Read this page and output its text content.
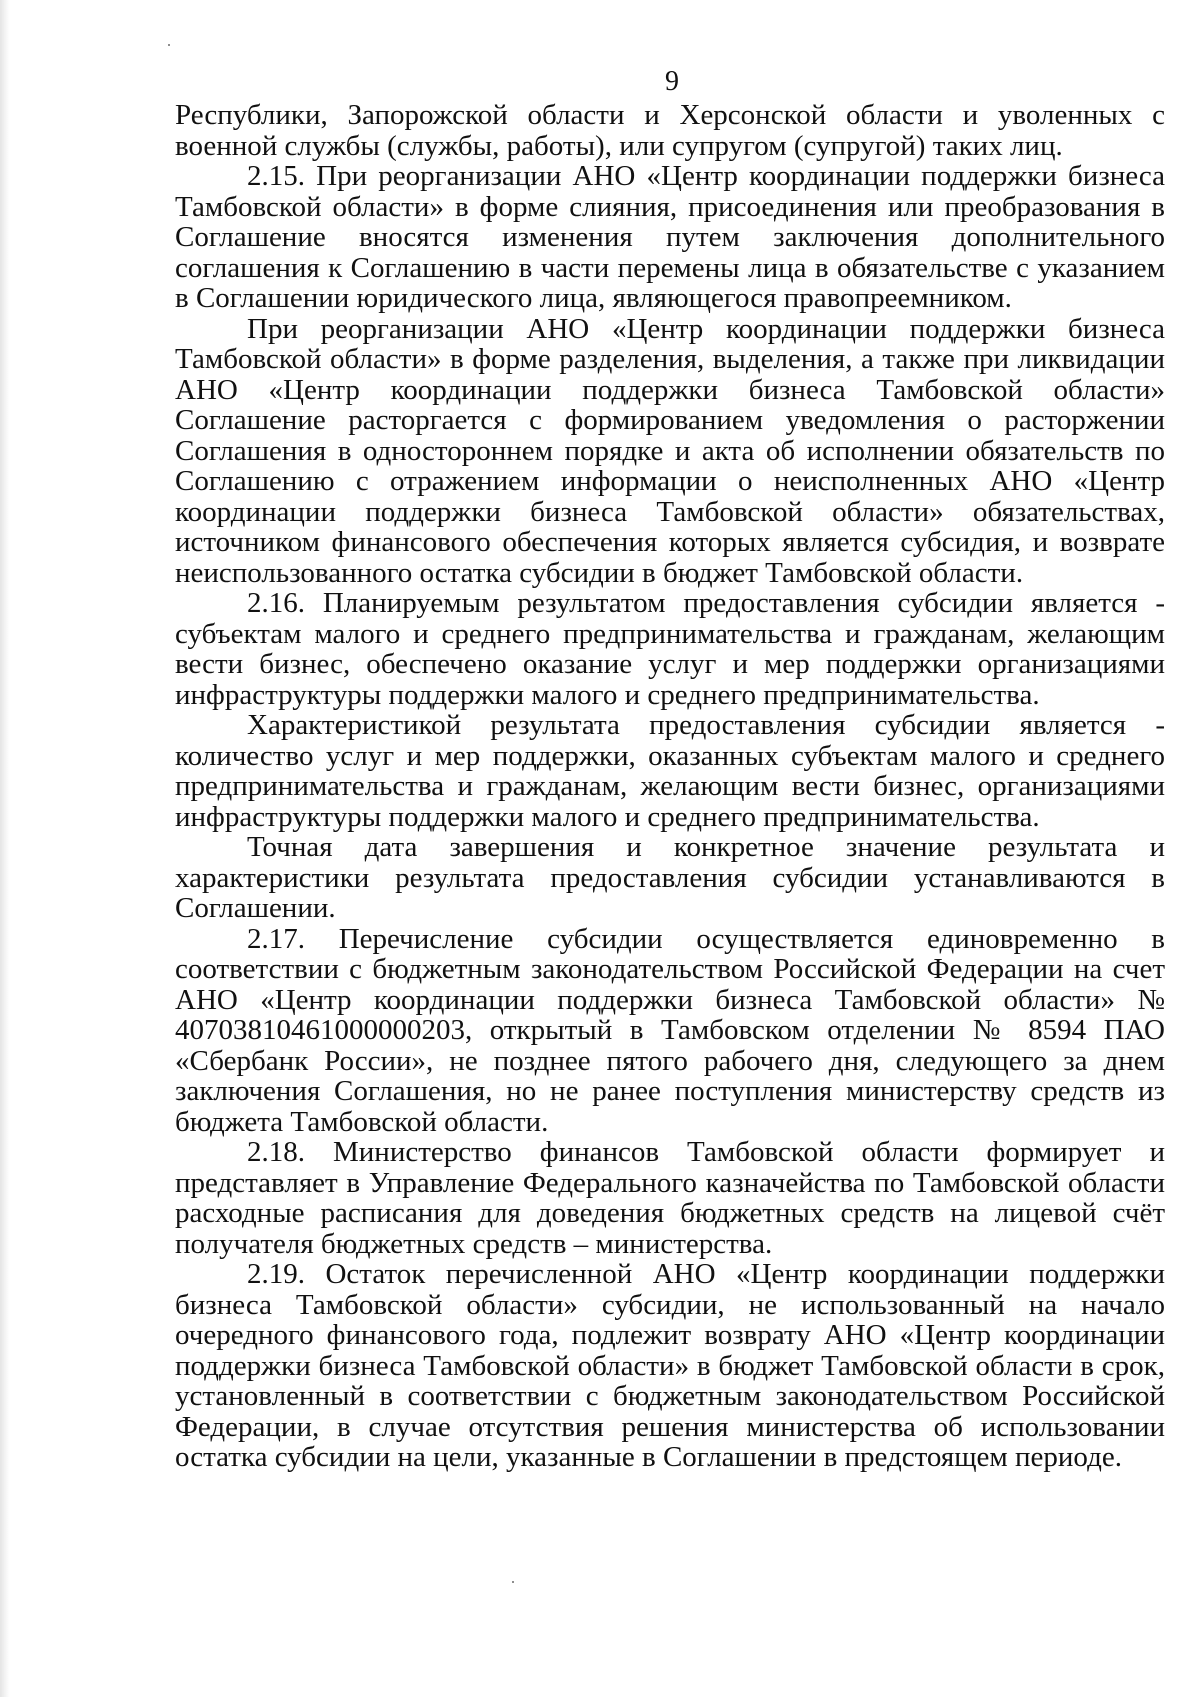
9

Республики, Запорожской области и Херсонской области и уволенных с военной службы (службы, работы), или супругом (супругой) таких лиц.

2.15. При реорганизации АНО «Центр координации поддержки бизнеса Тамбовской области» в форме слияния, присоединения или преобразования в Соглашение вносятся изменения путем заключения дополнительного соглашения к Соглашению в части перемены лица в обязательстве с указанием в Соглашении юридического лица, являющегося правопреемником.

При реорганизации АНО «Центр координации поддержки бизнеса Тамбовской области» в форме разделения, выделения, а также при ликвидации АНО «Центр координации поддержки бизнеса Тамбовской области» Соглашение расторгается с формированием уведомления о расторжении Соглашения в одностороннем порядке и акта об исполнении обязательств по Соглашению с отражением информации о неисполненных АНО «Центр координации поддержки бизнеса Тамбовской области» обязательствах, источником финансового обеспечения которых является субсидия, и возврате неиспользованного остатка субсидии в бюджет Тамбовской области.

2.16. Планируемым результатом предоставления субсидии является - субъектам малого и среднего предпринимательства и гражданам, желающим вести бизнес, обеспечено оказание услуг и мер поддержки организациями инфраструктуры поддержки малого и среднего предпринимательства.

Характеристикой результата предоставления субсидии является - количество услуг и мер поддержки, оказанных субъектам малого и среднего предпринимательства и гражданам, желающим вести бизнес, организациями инфраструктуры поддержки малого и среднего предпринимательства.

Точная дата завершения и конкретное значение результата и характеристики результата предоставления субсидии устанавливаются в Соглашении.

2.17. Перечисление субсидии осуществляется единовременно в соответствии с бюджетным законодательством Российской Федерации на счет АНО «Центр координации поддержки бизнеса Тамбовской области» № 40703810461000000203, открытый в Тамбовском отделении № 8594 ПАО «Сбербанк России», не позднее пятого рабочего дня, следующего за днем заключения Соглашения, но не ранее поступления министерству средств из бюджета Тамбовской области.

2.18. Министерство финансов Тамбовской области формирует и представляет в Управление Федерального казначейства по Тамбовской области расходные расписания для доведения бюджетных средств на лицевой счёт получателя бюджетных средств – министерства.

2.19. Остаток перечисленной АНО «Центр координации поддержки бизнеса Тамбовской области» субсидии, не использованный на начало очередного финансового года, подлежит возврату АНО «Центр координации поддержки бизнеса Тамбовской области» в бюджет Тамбовской области в срок, установленный в соответствии с бюджетным законодательством Российской Федерации, в случае отсутствия решения министерства об использовании остатка субсидии на цели, указанные в Соглашении в предстоящем периоде.
